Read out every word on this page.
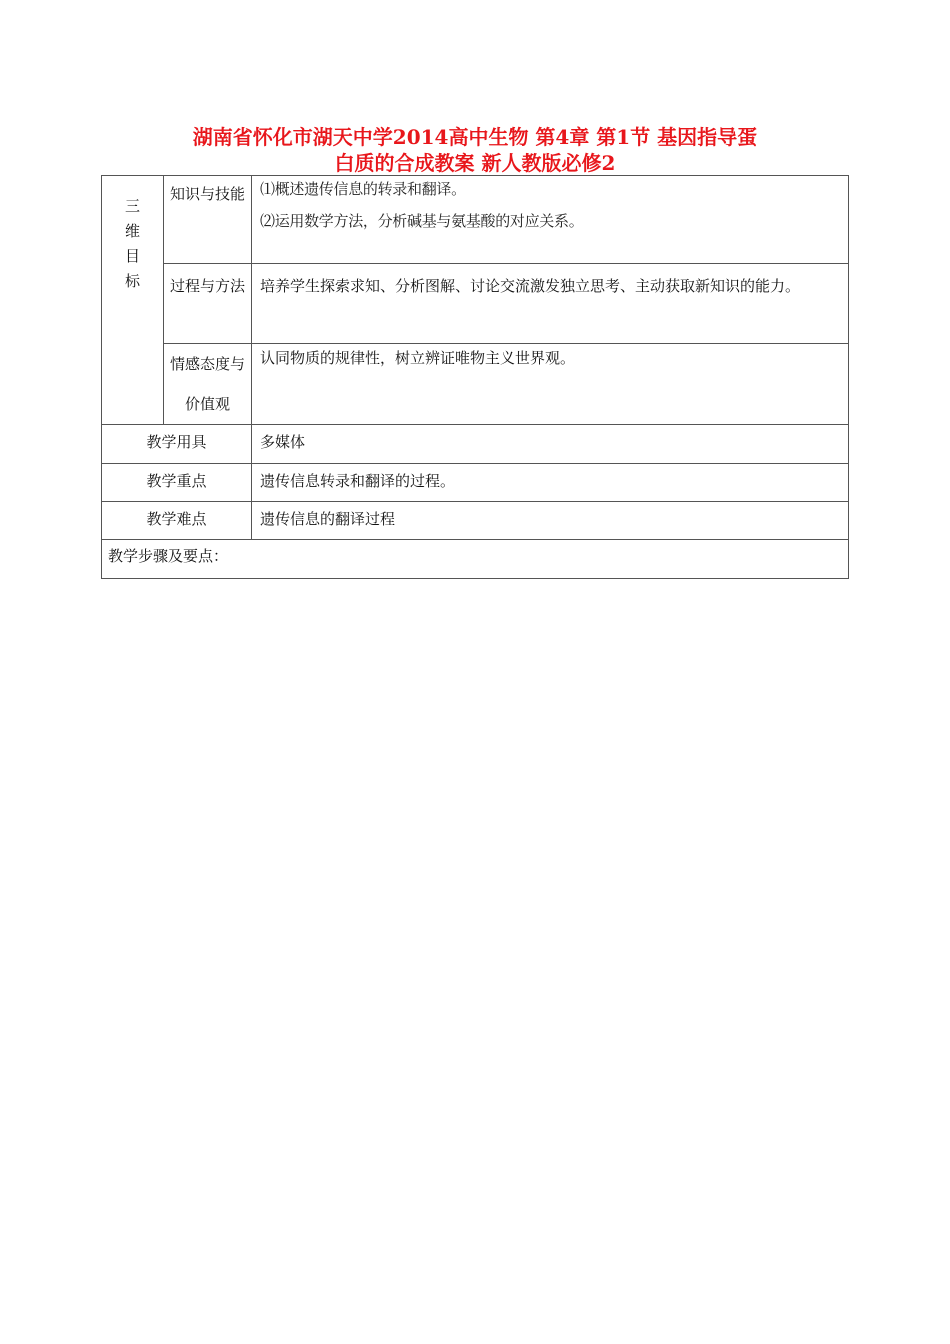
湖南省怀化市湖天中学2014高中生物 第4章 第1节 基因指导蛋
白质的合成教案 新人教版必修2
三维目标	知识与技能	⑴概述遗传信息的转录和翻译。
⑵运用数学方法，分析碱基与氨基酸的对应关系。

	过程与方法	培养学生探索求知、分析图解、讨论交流激发独立思考、主动获取新知识的能力。

	情感态度与价值观	认同物质的规律性，树立辨证唯物主义世界观。

教学用具		多媒体
教学重点		遗传信息转录和翻译的过程。
教学难点		遗传信息的翻译过程
教学步骤及要点：		
